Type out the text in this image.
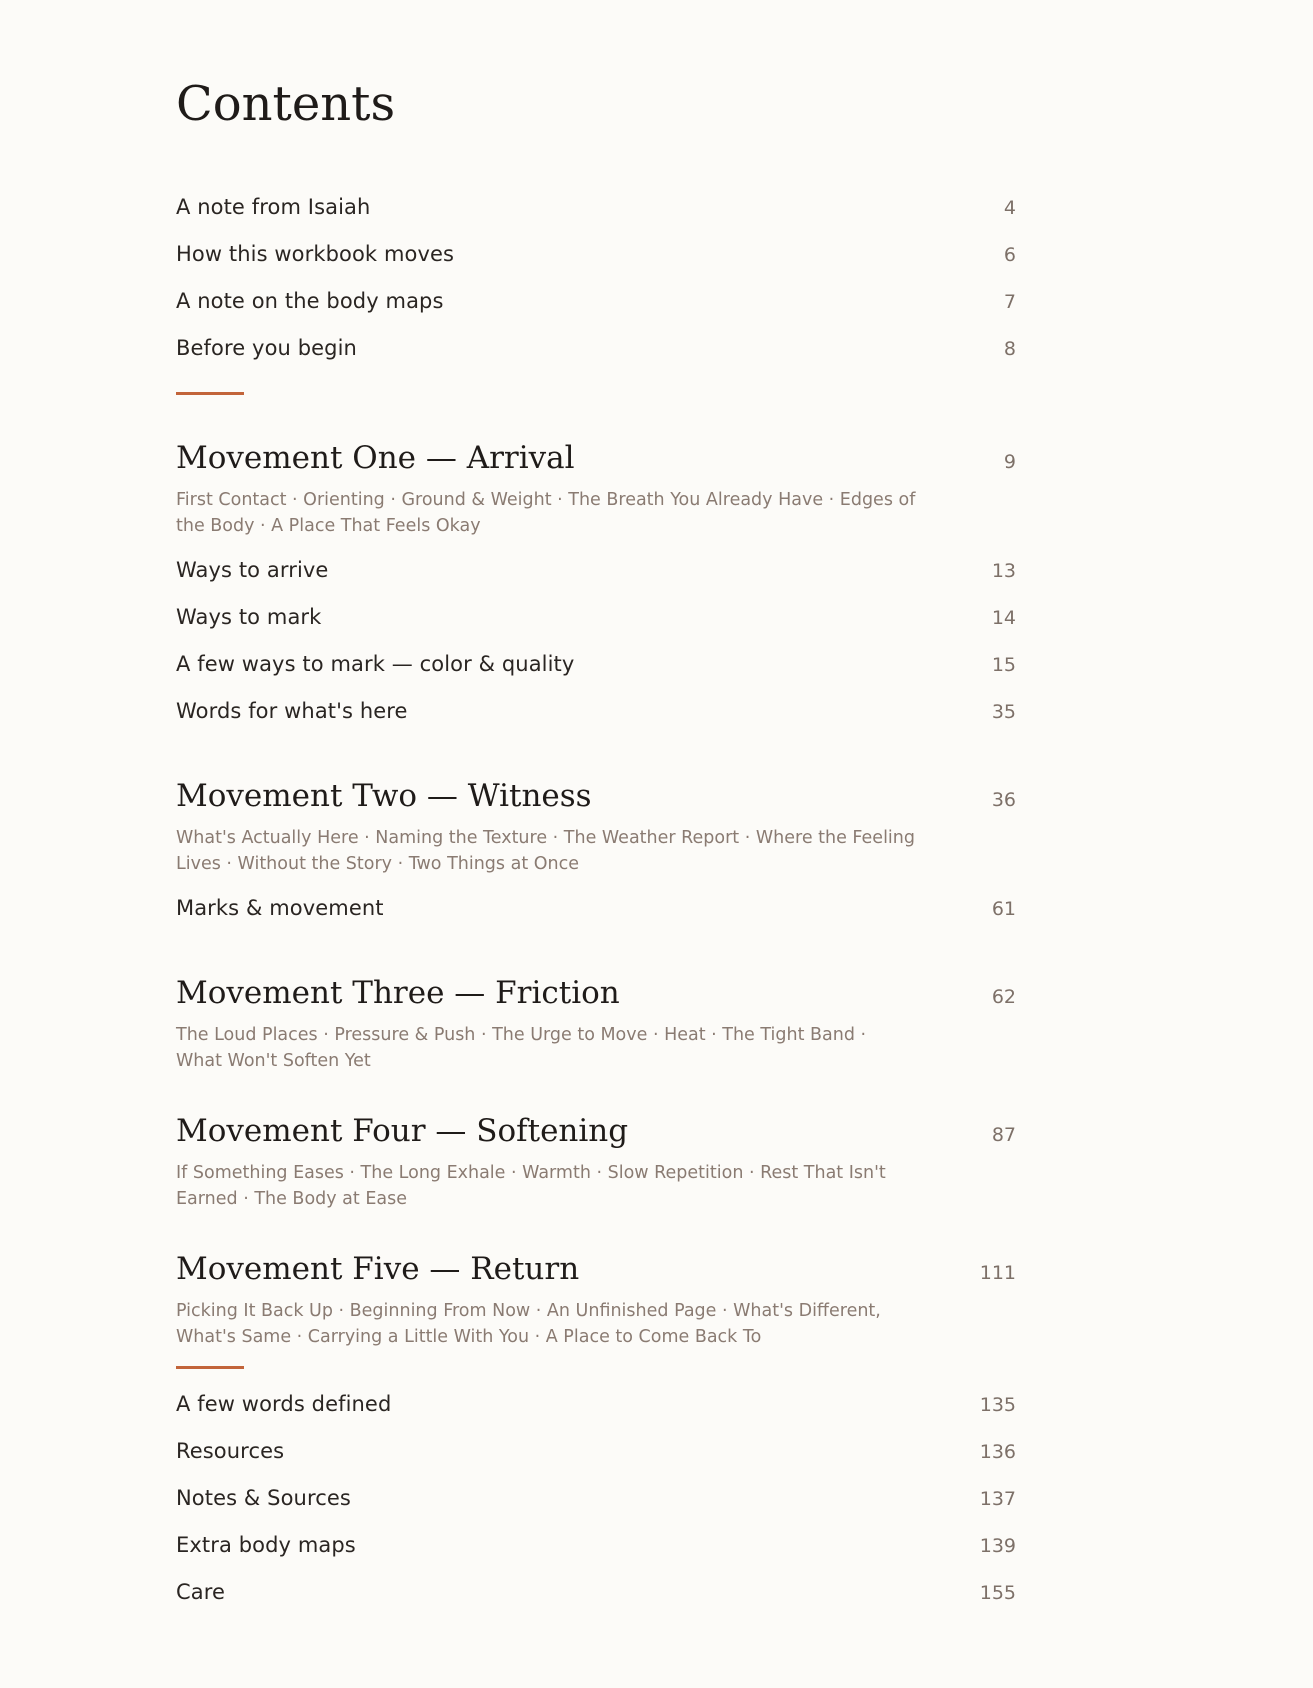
Contents
A note from Isaiah	4
How this workbook moves	6
A note on the body maps	7
Before you begin	8
Movement One — Arrival	9
First Contact · Orienting · Ground & Weight · The Breath You Already Have · Edges of the Body · A Place That Feels Okay
Ways to arrive	13
Ways to mark	14
A few ways to mark — color & quality	15
Words for what's here	35
Movement Two — Witness	36
What's Actually Here · Naming the Texture · The Weather Report · Where the Feeling Lives · Without the Story · Two Things at Once
Marks & movement	61
Movement Three — Friction	62
The Loud Places · Pressure & Push · The Urge to Move · Heat · The Tight Band · What Won't Soften Yet
Movement Four — Softening	87
If Something Eases · The Long Exhale · Warmth · Slow Repetition · Rest That Isn't Earned · The Body at Ease
Movement Five — Return	111
Picking It Back Up · Beginning From Now · An Unfinished Page · What's Different, What's Same · Carrying a Little With You · A Place to Come Back To
A few words defined	135
Resources	136
Notes & Sources	137
Extra body maps	139
Care	155
